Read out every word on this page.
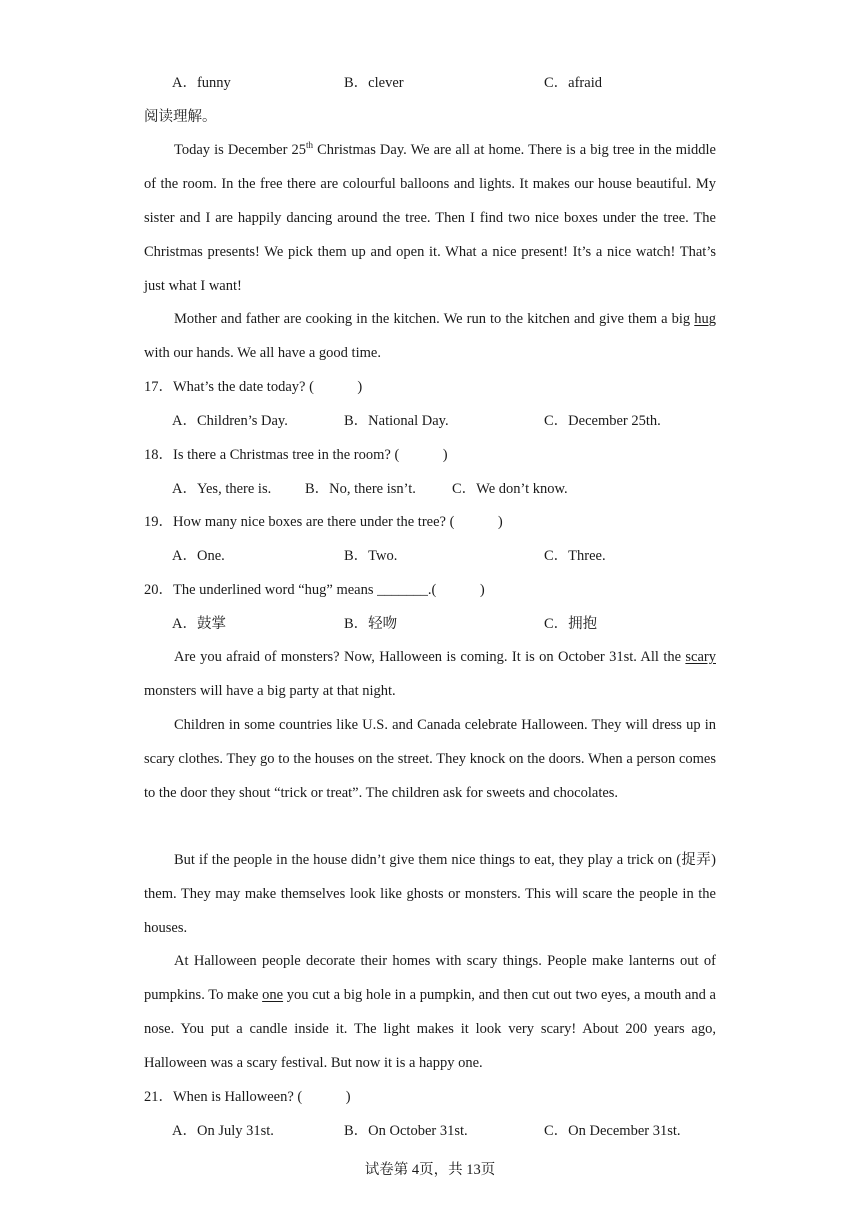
A．funny	B．clever	C．afraid
阅读理解。
Today is December 25th Christmas Day. We are all at home. There is a big tree in the middle of the room. In the free there are colourful balloons and lights. It makes our house beautiful. My sister and I are happily dancing around the tree. Then I find two nice boxes under the tree. The Christmas presents! We pick them up and open it. What a nice present! It’s a nice watch! That’s just what I want!
Mother and father are cooking in the kitchen. We run to the kitchen and give them a big hug with our hands. We all have a good time.
17．What’s the date today? (　　　)
A．Children’s Day.	B．National Day.	C．December 25th.
18．Is there a Christmas tree in the room? (　　　)
A．Yes, there is. B．No, there isn’t. C．We don’t know.
19．How many nice boxes are there under the tree? (　　　)
A．One.	B．Two.	C．Three.
20．The underlined word “hug” means _______.(　　　)
A．鼓掌	B．轻吻	C．拥抱
Are you afraid of monsters? Now, Halloween is coming. It is on October 31st. All the scary monsters will have a big party at that night.
Children in some countries like U.S. and Canada celebrate Halloween. They will dress up in scary clothes. They go to the houses on the street. They knock on the doors. When a person comes to the door they shout “trick or treat”. The children ask for sweets and chocolates.
But if the people in the house didn’t give them nice things to eat, they play a trick on (捉弄) them. They may make themselves look like ghosts or monsters. This will scare the people in the houses.
At Halloween people decorate their homes with scary things. People make lanterns out of pumpkins. To make one you cut a big hole in a pumpkin, and then cut out two eyes, a mouth and a nose. You put a candle inside it. The light makes it look very scary! About 200 years ago, Halloween was a scary festival. But now it is a happy one.
21．When is Halloween? (　　　)
A．On July 31st.	B．On October 31st.	C．On December 31st.
试卷第 4页，共 13页
